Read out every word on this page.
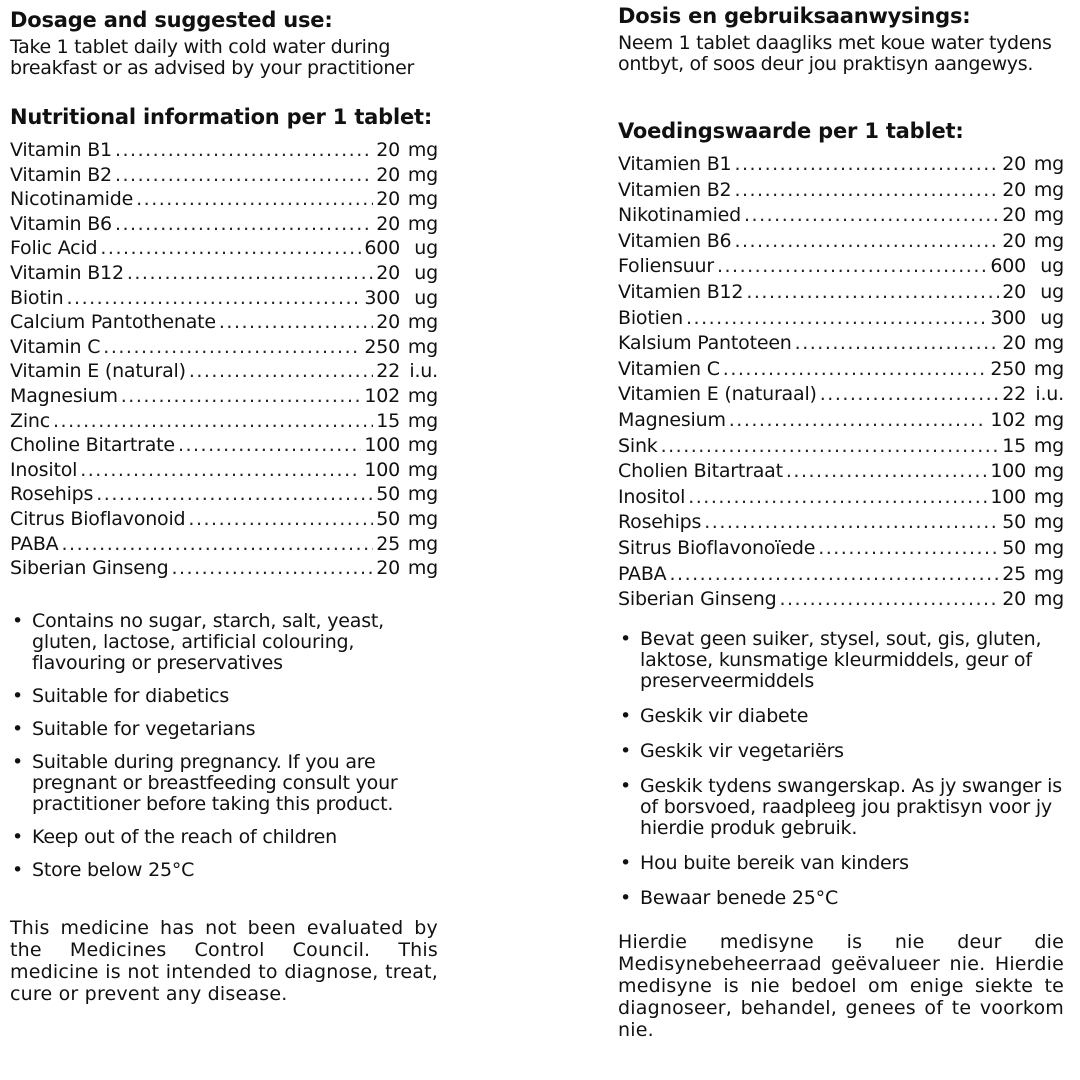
Dosage and suggested use:

Take 1 tablet daily with cold water during breakfast or as advised by your practitioner

Nutritional information per 1 tablet:
Vitamin B1 .....	20 mg
Vitamin B2 .....	20 mg
Nicotinamide .....	20 mg
Vitamin B6 .....	20 mg
Folic Acid .....	600 ug
Vitamin B12 .....	20 ug
Biotin .....	300 ug
Calcium Pantothenate .....	20 mg
Vitamin C .....	250 mg
Vitamin E (natural) .....	22 i.u.
Magnesium .....	102 mg
Zinc .....	15 mg
Choline Bitartrate .....	100 mg
Inositol .....	100 mg
Rosehips .....	50 mg
Citrus Bioflavonoid .....	50 mg
PABA .....	25 mg
Siberian Ginseng .....	20 mg
• Contains no sugar, starch, salt, yeast, gluten, lactose, artificial colouring, flavouring or preservatives
• Suitable for diabetics
• Suitable for vegetarians
• Suitable during pregnancy. If you are pregnant or breastfeeding consult your practitioner before taking this product.
• Keep out of the reach of children
• Store below 25°C

This medicine has not been evaluated by the Medicines Control Council. This medicine is not intended to diagnose, treat, cure or prevent any disease.

Dosis en gebruiksaanwysings:

Neem 1 tablet daagliks met koue water tydens ontbyt, of soos deur jou praktisyn aangewys.

Voedingswaarde per 1 tablet:
Vitamien B1 .....	20 mg
Vitamien B2 .....	20 mg
Nikotinamied .....	20 mg
Vitamien B6 .....	20 mg
Foliensuur .....	600 ug
Vitamien B12 .....	20 ug
Biotien .....	300 ug
Kalsium Pantoteen .....	20 mg
Vitamien C .....	250 mg
Vitamien E (naturaal) .....	22 i.u.
Magnesium .....	102 mg
Sink .....	15 mg
Cholien Bitartraat .....	100 mg
Inositol .....	100 mg
Rosehips .....	50 mg
Sitrus Bioflavonoïede .....	50 mg
PABA .....	25 mg
Siberian Ginseng .....	20 mg
• Bevat geen suiker, stysel, sout, gis, gluten, laktose, kunsmatige kleurmiddels, geur of preserveermiddels
• Geskik vir diabete
• Geskik vir vegetariërs
• Geskik tydens swangerskap. As jy swanger is of borsvoed, raadpleeg jou praktisyn voor jy hierdie produk gebruik.
• Hou buite bereik van kinders
• Bewaar benede 25°C

Hierdie medisyne is nie deur die Medisynebeheerraad geëvalueer nie. Hierdie medisyne is nie bedoel om enige siekte te diagnoseer, behandel, genees of te voorkom nie.
